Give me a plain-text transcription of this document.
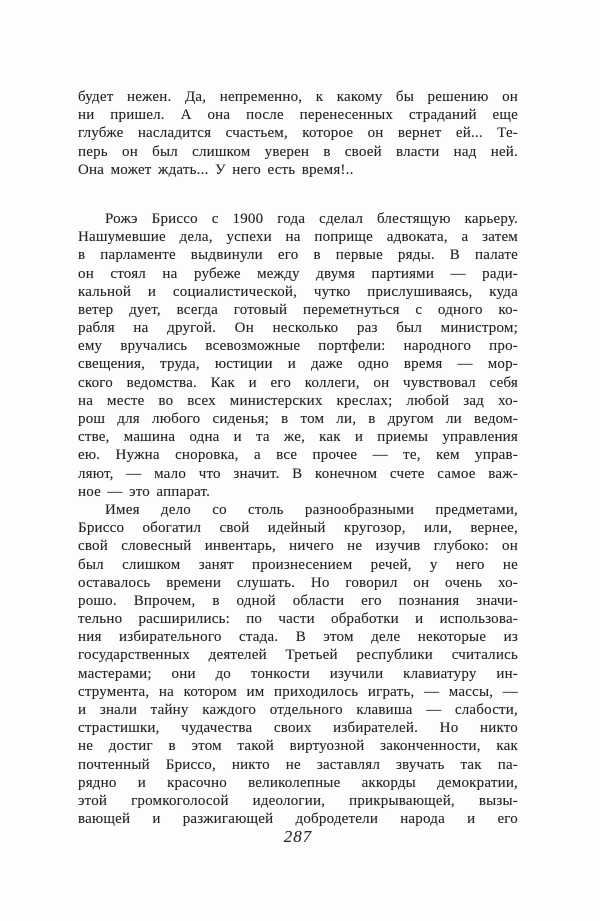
будет нежен. Да, непременно, к какому бы решению он
ни пришел. А она после перенесенных страданий еще
глубже насладится счастьем, которое он вернет ей... Те-
перь он был слишком уверен в своей власти над ней.
Она может ждать... У него есть время!..
Рожэ Бриссо с 1900 года сделал блестящую карьеру.
Нашумевшие дела, успехи на поприще адвоката, а затем
в парламенте выдвинули его в первые ряды. В палате
он стоял на рубеже между двумя партиями — ради-
кальной и социалистической, чутко прислушиваясь, куда
ветер дует, всегда готовый переметнуться с одного ко-
рабля на другой. Он несколько раз был министром;
ему вручались всевозможные портфели: народного про-
свещения, труда, юстиции и даже одно время — мор-
ского ведомства. Как и его коллеги, он чувствовал себя
на месте во всех министерских креслах; любой зад хо-
рош для любого сиденья; в том ли, в другом ли ведом-
стве, машина одна и та же, как и приемы управления
ею. Нужна сноровка, а все прочее — те, кем управ-
ляют, — мало что значит. В конечном счете самое важ-
ное — это аппарат.
Имея дело со столь разнообразными предметами,
Бриссо обогатил свой идейный кругозор, или, вернее,
свой словесный инвентарь, ничего не изучив глубоко: он
был слишком занят произнесением речей, у него не
оставалось времени слушать. Но говорил он очень хо-
рошо. Впрочем, в одной области его познания значи-
тельно расширились: по части обработки и использова-
ния избирательного стада. В этом деле некоторые из
государственных деятелей Третьей республики считались
мастерами; они до тонкости изучили клавиатуру ин-
струмента, на котором им приходилось играть, — массы, —
и знали тайну каждого отдельного клавиша — слабости,
страстишки, чудачества своих избирателей. Но никто
не достиг в этом такой виртуозной законченности, как
почтенный Бриссо, никто не заставлял звучать так па-
рядно и красочно великолепные аккорды демократии,
этой громкоголосой идеологии, прикрывающей, вызы-
вающей и разжигающей добродетели народа и его
287
